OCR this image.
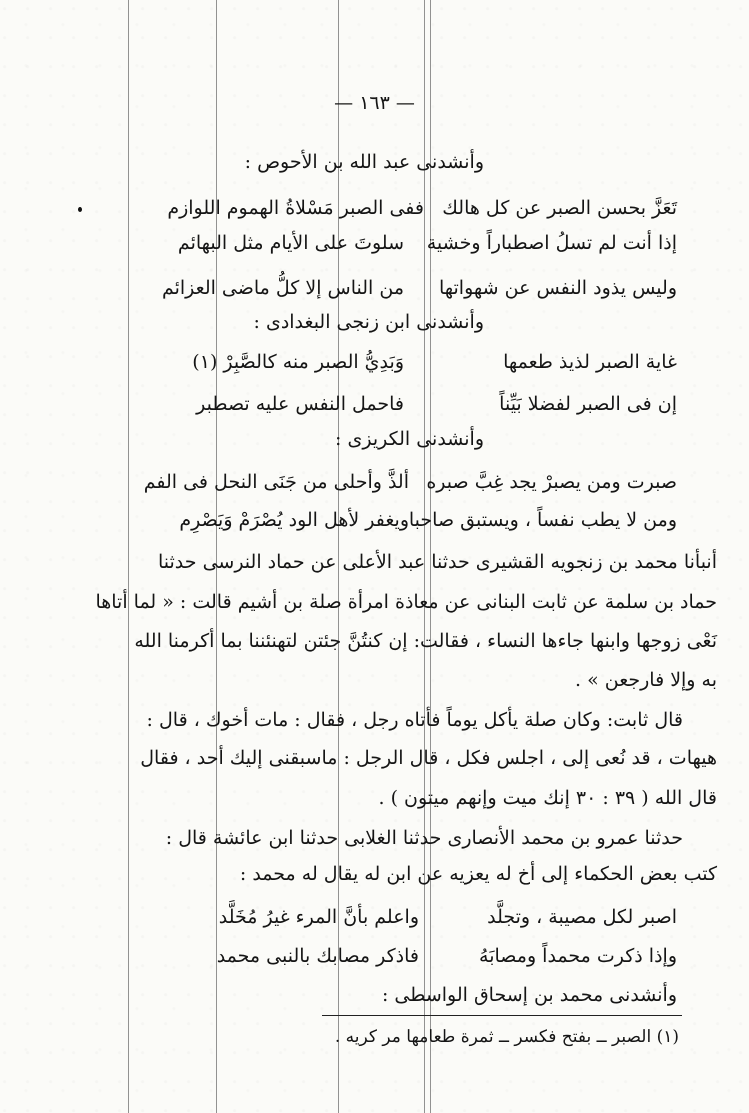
— ١٦٣ —
وأنشدنى عبد الله بن الأحوص :
تَعَزَّ بحسن الصبر عن كل هالك
ففى الصبر مَسْلاةُ الهموم اللوازم
إذا أنت لم تسلُ اصطباراً وخشية
سلوتَ على الأيام مثل البهائم
وليس يذود النفس عن شهواتها
من الناس إلا كلُّ ماضى العزائم
وأنشدنى ابن زنجى البغدادى :
غاية الصبر لذيذ طعمها
وَبَدِيُّ الصبر منه كالصَّبِرْ (١)
إن فى الصبر لفضلا بَيِّناً
فاحمل النفس عليه تصطبر
وأنشدنى الكريزى :
صبرت ومن يصبرْ يجد غِبَّ صبره
ألذَّ وأحلى من جَنَى النحل فى الفم
ومن لا يطب نفساً ، ويستبق صاحبا
ويغفر لأهل الود يُصْرَمْ وَيَصْرِم
أنبأنا محمد بن زنجويه القشيرى حدثنا عبد الأعلى عن حماد النرسى حدثنا
حماد بن سلمة عن ثابت البنانى عن معاذة امرأة صلة بن أشيم قالت : « لما أتاها
نَعْى زوجها وابنها جاءها النساء ، فقالت: إن كنتُنَّ جئتن لتهنئننا بما أكرمنا الله
به وإلا فارجعن » .
قال ثابت: وكان صلة يأكل يوماً فأتاه رجل ، فقال : مات أخوك ، قال :
هيهات ، قد نُعى إلى ، اجلس فكل ، قال الرجل : ماسبقنى إليك أحد ، فقال
قال الله ( ٣٩ : ٣٠ إنك ميت وإنهم ميتون ) .
حدثنا عمرو بن محمد الأنصارى حدثنا الغلابى حدثنا ابن عائشة قال :
كتب بعض الحكماء إلى أخ له يعزيه عن ابن له يقال له محمد :
اصبر لكل مصيبة ، وتجلَّد
واعلم بأنَّ المرء غيرُ مُخَلَّد
وإذا ذكرت محمداً ومصابَهُ
فاذكر مصابك بالنبى محمد
وأنشدنى محمد بن إسحاق الواسطى :
(١) الصبر ــ بفتح فكسر ــ ثمرة طعامها مر كريه .
